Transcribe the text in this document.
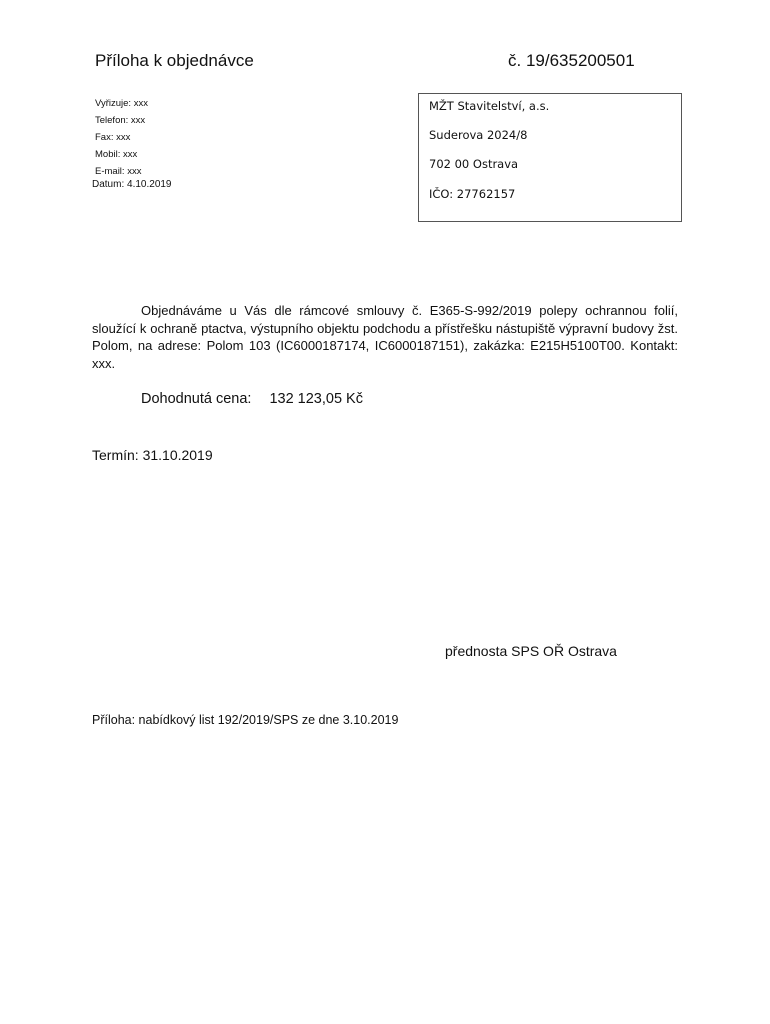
Příloha k objednávce	č. 19/635200501
Vyřizuje: xxx
Telefon: xxx
Fax: xxx
Mobil: xxx
E-mail: xxx
Datum: 4.10.2019
MŽT Stavitelství, a.s.
Suderova 2024/8
702 00 Ostrava
IČO: 27762157
Objednáváme u Vás dle rámcové smlouvy č. E365-S-992/2019 polepy ochrannou folií, sloužící k ochraně ptactva, výstupního objektu podchodu a přístřešku nástupiště výpravní budovy žst. Polom, na adrese: Polom 103 (IC6000187174, IC6000187151), zakázka: E215H5100T00. Kontakt: xxx.
Dohodnutá cena: 132 123,05 Kč
Termín: 31.10.2019
přednosta SPS OŘ Ostrava
Příloha: nabídkový list 192/2019/SPS ze dne 3.10.2019
